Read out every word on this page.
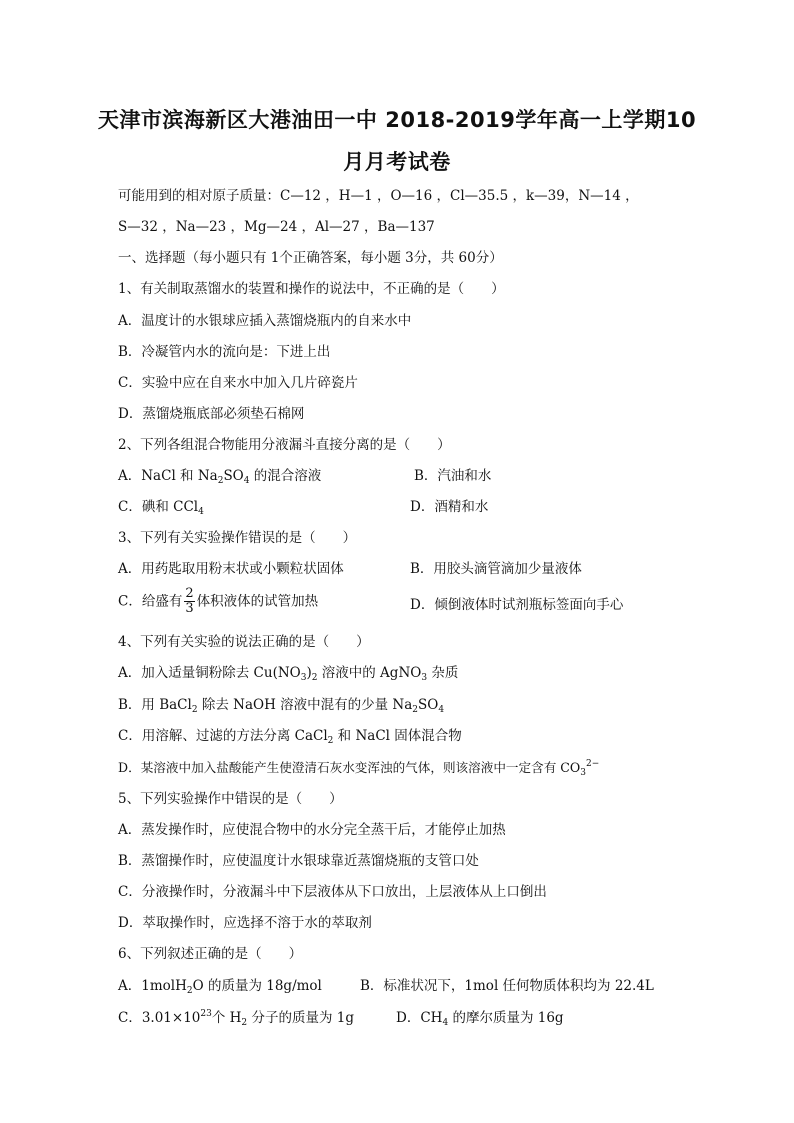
天津市滨海新区大港油田一中 2018-2019学年高一上学期10
月月考试卷
可能用到的相对原子质量：C—12 ，H—1 ，O—16 ，Cl—35.5 ，k—39，N—14 ，
S—32 ，Na—23 ，Mg—24 ，Al—27 ，Ba—137
一、选择题（每小题只有 1个正确答案，每小题 3分，共 60分）
1、有关制取蒸馏水的装置和操作的说法中，不正确的是（　　）
A．温度计的水银球应插入蒸馏烧瓶内的自来水中
B．冷凝管内水的流向是：下进上出
C．实验中应在自来水中加入几片碎瓷片
D．蒸馏烧瓶底部必须垫石棉网
2、下列各组混合物能用分液漏斗直接分离的是（　　）
A．NaCl 和 $Na_2SO_4$ 的混合溶液	B．汽油和水
C．碘和 CCl$_4$	D．酒精和水
3、下列有关实验操作错误的是（　　）
A．用药匙取用粉末状或小颗粒状固体	B．用胶头滴管滴加少量液体
C．给盛有 $\frac{2}{3}$ 体积液体的试管加热	D．倾倒液体时试剂瓶标签面向手心
4、下列有关实验的说法正确的是（　　）
A．加入适量铜粉除去 $Cu(NO_3)_2$ 溶液中的 AgNO$_3$ 杂质
B．用 BaCl$_2$ 除去 NaOH 溶液中混有的少量 $Na_2SO_4$
C．用溶解、过滤的方法分离 CaCl$_2$ 和 NaCl 固体混合物
D．某溶液中加入盐酸能产生使澄清石灰水变浑浊的气体，则该溶液中一定含有 $CO_3^{2-}$
5、下列实验操作中错误的是（　　）
A．蒸发操作时，应使混合物中的水分完全蒸干后，才能停止加热
B．蒸馏操作时，应使温度计水银球靠近蒸馏烧瓶的支管口处
C．分液操作时，分液漏斗中下层液体从下口放出，上层液体从上口倒出
D．萃取操作时，应选择不溶于水的萃取剂
6、下列叙述正确的是（　　）
A．1molH$_2$O 的质量为 18g/mol	B．标准状况下，1mol 任何物质体积均为 22.4L
C．$3.01\times 10^{23}$个 $H_2$ 分子的质量为 1g	D．$CH_4$ 的摩尔质量为 16g
